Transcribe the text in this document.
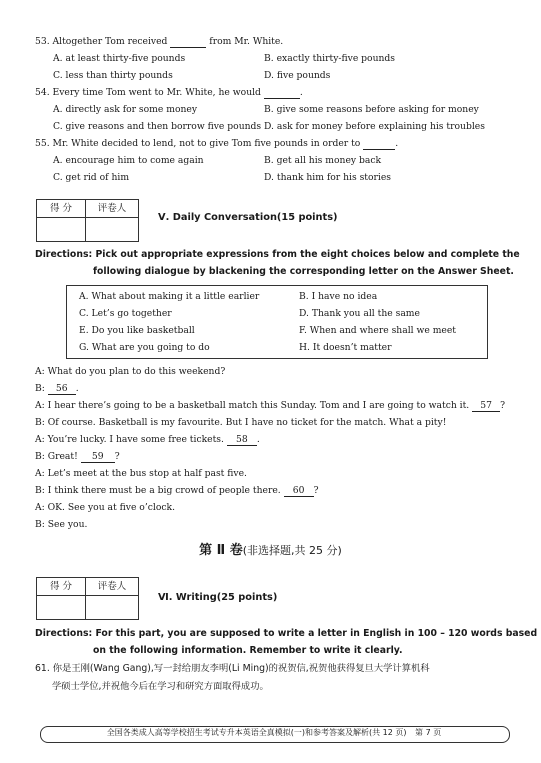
53. Altogether Tom received	from Mr. White.
A. at least thirty-five pounds	B. exactly thirty-five pounds
C. less than thirty pounds	D. five pounds
54. Every time Tom went to Mr. White, he would	.
A. directly ask for some money	B. give some reasons before asking for money
C. give reasons and then borrow five pounds D. ask for money before explaining his troubles
55. Mr. White decided to lend, not to give Tom five pounds in order to	.
A. encourage him to come again	B. get all his money back
C. get rid of him	D. thank him for his stories
得 分	评卷人

Ⅴ. Daily Conversation(15 points)
Directions: Pick out appropriate expressions from the eight choices below and complete the
following dialogue by blackening the corresponding letter on the Answer Sheet.
A. What about making it a little earlier	B. I have no idea
C. Let’s go together	D. Thank you all the same
E. Do you like basketball	F. When and where shall we meet
G. What are you going to do	H. It doesn’t matter
A: What do you plan to do this weekend?
B: 56 .
A: I hear there’s going to be a basketball match this Sunday. Tom and I are going to watch it. 57 ?
B: Of course. Basketball is my favourite. But I have no ticket for the match. What a pity!
A: You’re lucky. I have some free tickets. 58 .
B: Great! 59 ?
A: Let’s meet at the bus stop at half past five.
B: I think there must be a big crowd of people there. 60 ?
A: OK. See you at five o’clock.
B: See you.
第 Ⅱ 卷(非选择题,共 25 分)
得 分	评卷人

Ⅵ. Writing(25 points)
Directions: For this part, you are supposed to write a letter in English in 100 – 120 words based
on the following information. Remember to write it clearly.
61. 你是王刚(Wang Gang),写一封给朋友李明(Li Ming)的祝贺信,祝贺他获得复旦大学计算机科
学硕士学位,并祝他今后在学习和研究方面取得成功。
全国各类成人高等学校招生考试专升本英语全真模拟(一)和参考答案及解析(共 12 页) 第 7 页
